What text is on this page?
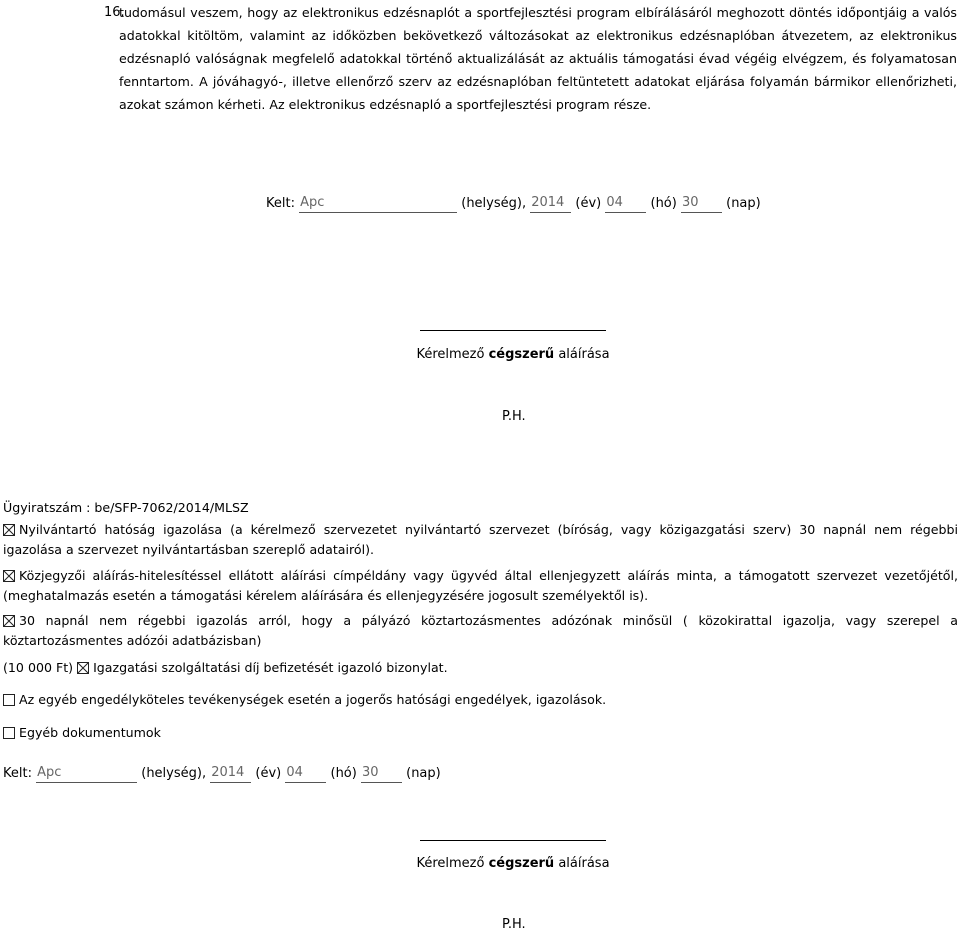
16.
tudomásul veszem, hogy az elektronikus edzésnaplót a sportfejlesztési program elbírálásáról meghozott döntés időpontjáig a valós adatokkal kitöltöm, valamint az időközben bekövetkező változásokat az elektronikus edzésnaplóban átvezetem, az elektronikus edzésnapló valóságnak megfelelő adatokkal történő aktualizálását az aktuális támogatási évad végéig elvégzem, és folyamatosan fenntartom. A jóváhagyó-, illetve ellenőrző szerv az edzésnaplóban feltüntetett adatokat eljárása folyamán bármikor ellenőrizheti, azokat számon kérheti. Az elektronikus edzésnapló a sportfejlesztési program része.
Kelt: Apc	(helység), 2014 (év) 04 (hó) 30 (nap)
Kérelmező cégszerű aláírása
P.H.
Ügyiratszám : be/SFP-7062/2014/MLSZ
Nyilvántartó hatóság igazolása (a kérelmező szervezetet nyilvántartó szervezet (bíróság, vagy közigazgatási szerv) 30 napnál nem régebbi igazolása a szervezet nyilvántartásban szereplő adatairól).
Közjegyzői aláírás-hitelesítéssel ellátott aláírási címpéldány vagy ügyvéd által ellenjegyzett aláírás minta, a támogatott szervezet vezetőjétől, (meghatalmazás esetén a támogatási kérelem aláírására és ellenjegyzésére jogosult személyektől is).
30 napnál nem régebbi igazolás arról, hogy a pályázó köztartozásmentes adózónak minősül ( közokirattal igazolja, vagy szerepel a köztartozásmentes adózói adatbázisban)
(10 000 Ft) Igazgatási szolgáltatási díj befizetését igazoló bizonylat.
Az egyéb engedélyköteles tevékenységek esetén a jogerős hatósági engedélyek, igazolások.
Egyéb dokumentumok
Kelt: Apc	(helység), 2014 (év) 04 (hó) 30 (nap)
Kérelmező cégszerű aláírása
P.H.
